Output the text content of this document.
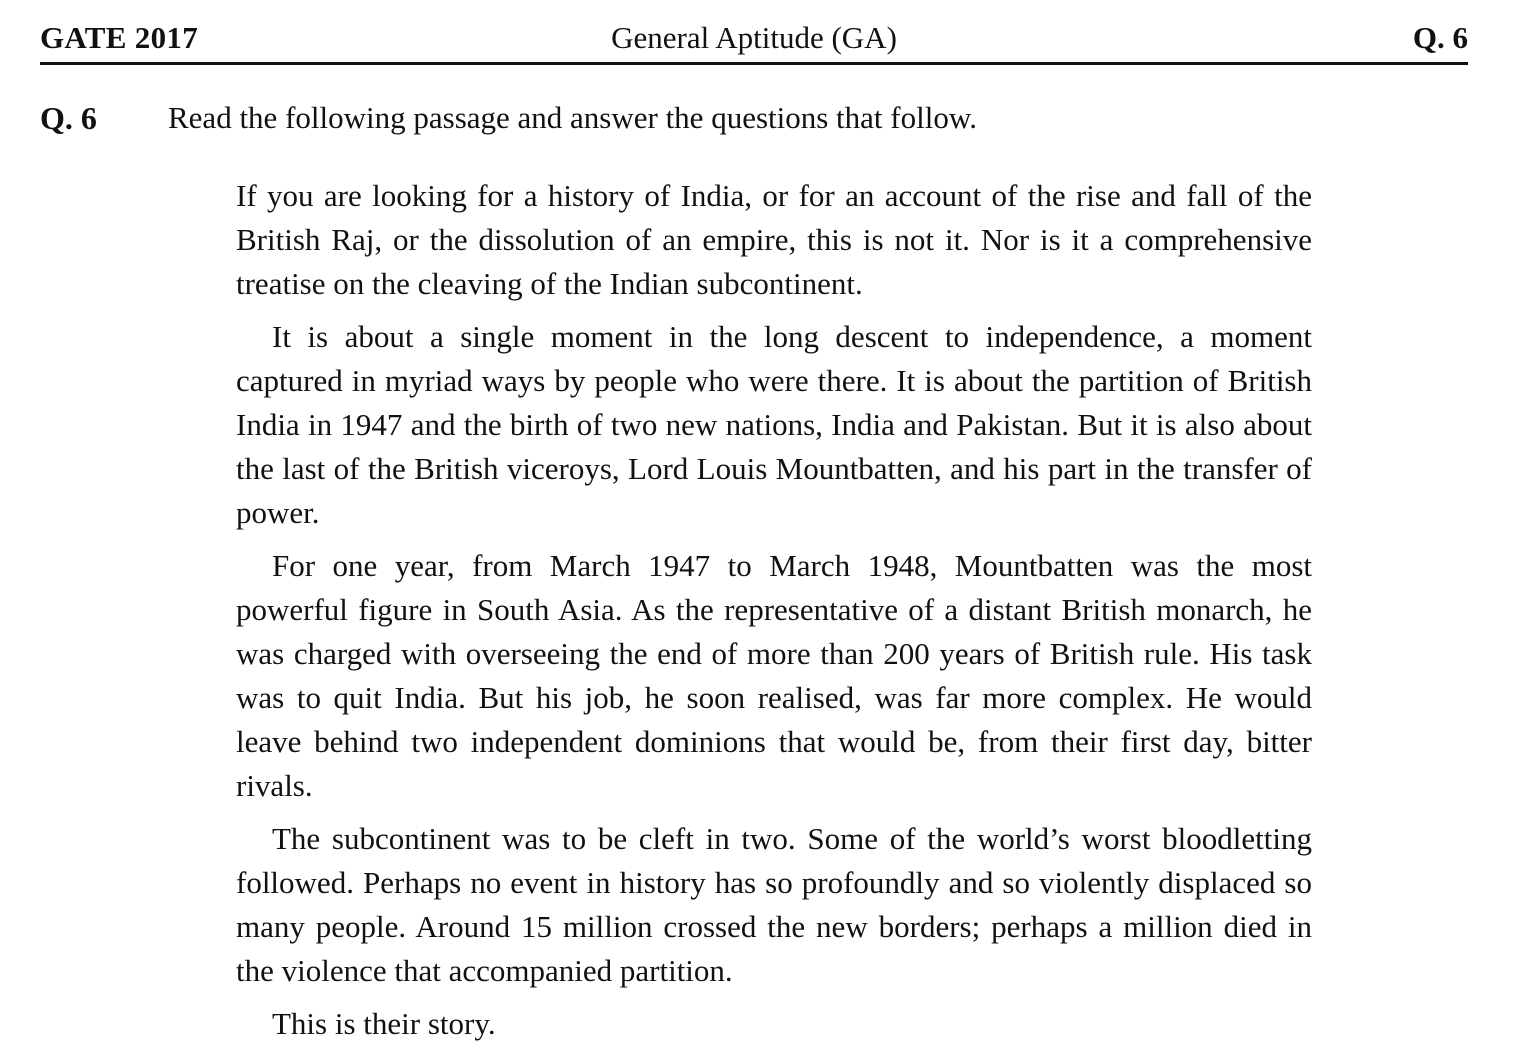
GATE 2017	General Aptitude (GA)	Q. 6
Q. 6 Read the following passage and answer the questions that follow.

If you are looking for a history of India, or for an account of the rise and fall of the British Raj, or the dissolution of an empire, this is not it. Nor is it a comprehensive treatise on the cleaving of the Indian subcontinent.

It is about a single moment in the long descent to independence, a moment captured in myriad ways by people who were there. It is about the partition of British India in 1947 and the birth of two new nations, India and Pakistan. But it is also about the last of the British viceroys, Lord Louis Mountbatten, and his part in the transfer of power.

For one year, from March 1947 to March 1948, Mountbatten was the most powerful figure in South Asia. As the representative of a distant British monarch, he was charged with overseeing the end of more than 200 years of British rule. His task was to quit India. But his job, he soon realised, was far more complex. He would leave behind two independent dominions that would be, from their first day, bitter rivals.

The subcontinent was to be cleft in two. Some of the world’s worst bloodletting followed. Perhaps no event in history has so profoundly and so violently displaced so many people. Around 15 million crossed the new borders; perhaps a million died in the violence that accompanied partition.

This is their story.
